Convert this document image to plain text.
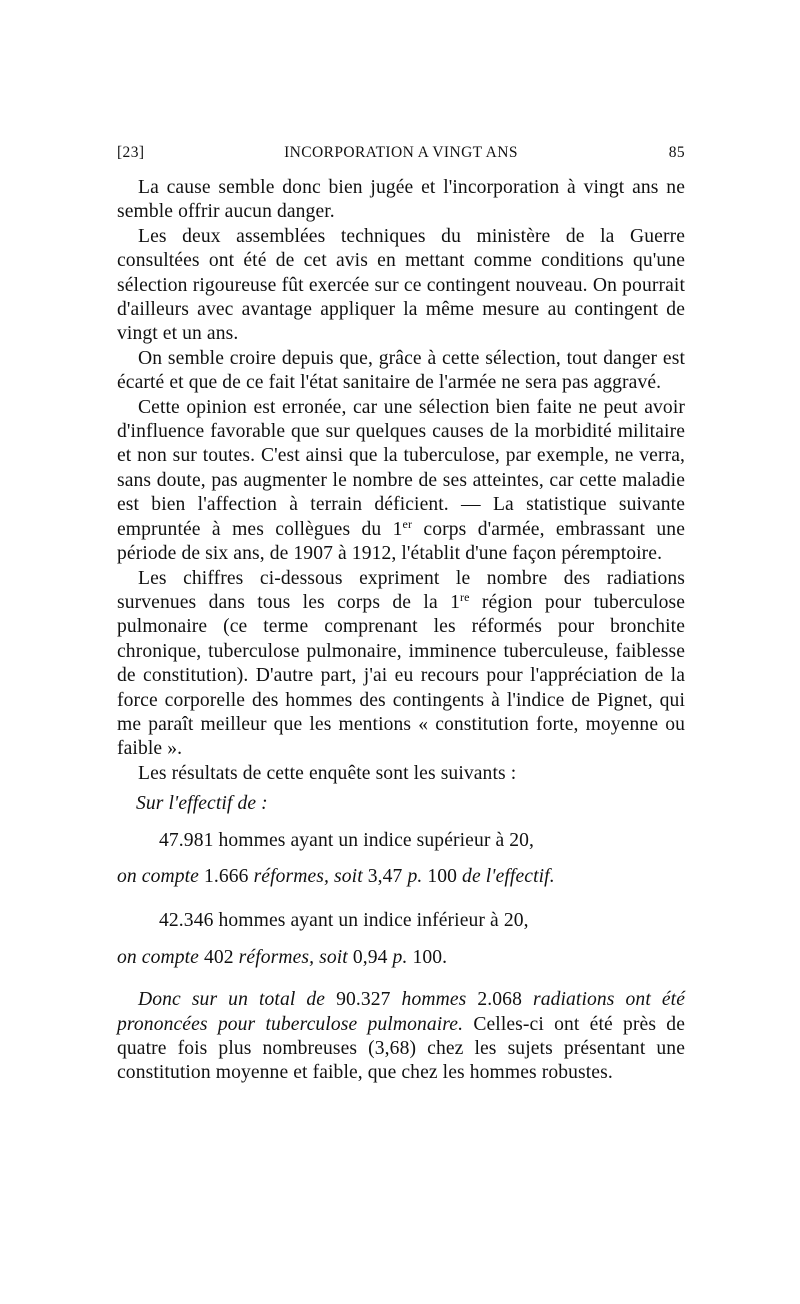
[23]	INCORPORATION A VINGT ANS	85

La cause semble donc bien jugée et l'incorporation à vingt ans ne semble offrir aucun danger.

Les deux assemblées techniques du ministère de la Guerre consultées ont été de cet avis en mettant comme conditions qu'une sélection rigoureuse fût exercée sur ce contingent nouveau. On pourrait d'ailleurs avec avantage appliquer la même mesure au contingent de vingt et un ans.

On semble croire depuis que, grâce à cette sélection, tout danger est écarté et que de ce fait l'état sanitaire de l'armée ne sera pas aggravé.

Cette opinion est erronée, car une sélection bien faite ne peut avoir d'influence favorable que sur quelques causes de la morbidité militaire et non sur toutes. C'est ainsi que la tuberculose, par exemple, ne verra, sans doute, pas augmenter le nombre de ses atteintes, car cette maladie est bien l'affection à terrain déficient. — La statistique suivante empruntée à mes collègues du 1er corps d'armée, embrassant une période de six ans, de 1907 à 1912, l'établit d'une façon péremptoire.

Les chiffres ci-dessous expriment le nombre des radiations survenues dans tous les corps de la 1re région pour tuberculose pulmonaire (ce terme comprenant les réformés pour bronchite chronique, tuberculose pulmonaire, imminence tuberculeuse, faiblesse de constitution). D'autre part, j'ai eu recours pour l'appréciation de la force corporelle des hommes des contingents à l'indice de Pignet, qui me paraît meilleur que les mentions « constitution forte, moyenne ou faible ».

Les résultats de cette enquête sont les suivants :

Sur l'effectif de :
47.981 hommes ayant un indice supérieur à 20,
on compte 1.666 réformes, soit 3,47 p. 100 de l'effectif.
42.346 hommes ayant un indice inférieur à 20,
on compte 402 réformes, soit 0,94 p. 100.

Donc sur un total de 90.327 hommes 2.068 radiations ont été prononcées pour tuberculose pulmonaire. Celles-ci ont été près de quatre fois plus nombreuses (3,68) chez les sujets présentant une constitution moyenne et faible, que chez les hommes robustes.
